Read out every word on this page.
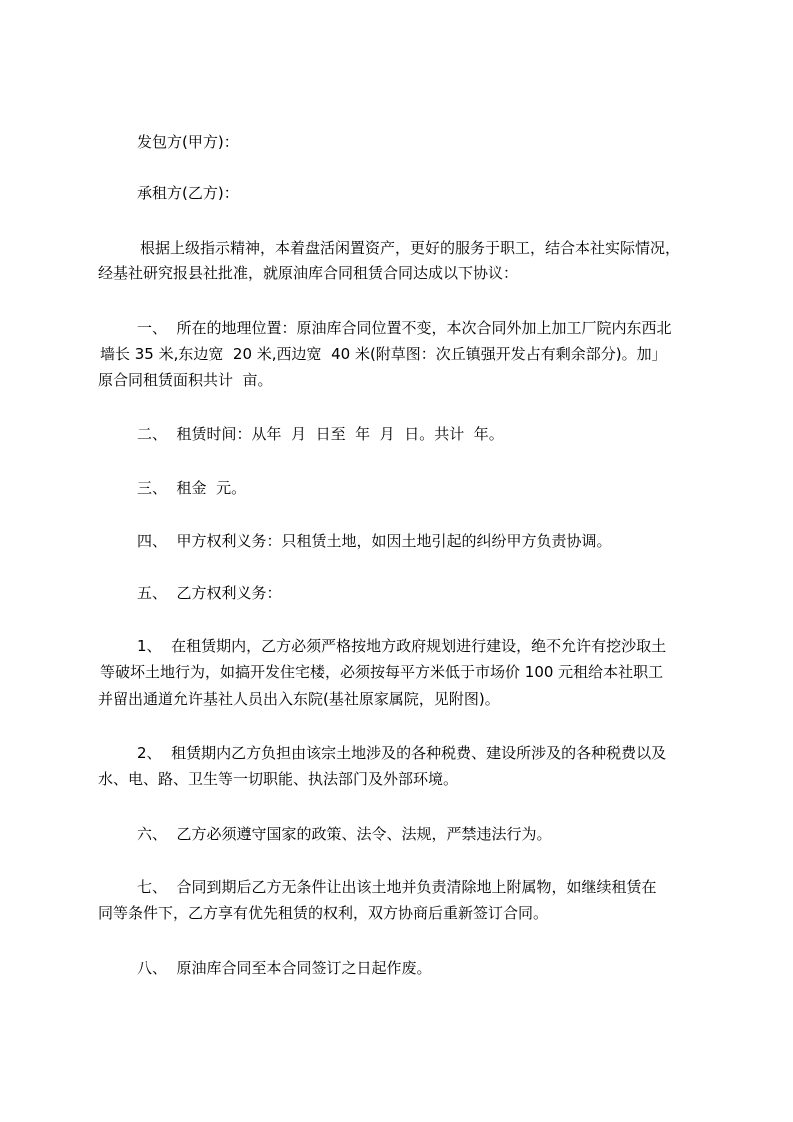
发包方(甲方)：
承租方(乙方)：
根据上级指示精神，本着盘活闲置资产，更好的服务于职工，结合本社实际情况，
经基社研究报县社批准，就原油库合同租赁合同达成以下协议：
一、  所在的地理位置：原油库合同位置不变，本次合同外加上加工厂院内东西北
墙长 35 米,东边宽  20 米,西边宽  40 米(附草图：次丘镇强开发占有剩余部分)。加」
原合同租赁面积共计  亩。
二、  租赁时间：从年  月  日至  年  月  日。共计  年。
三、  租金  元。
四、  甲方权利义务：只租赁土地，如因土地引起的纠纷甲方负责协调。
五、  乙方权利义务：
1、  在租赁期内，乙方必须严格按地方政府规划进行建设，绝不允许有挖沙取土
等破坏土地行为，如搞开发住宅楼，必须按每平方米低于市场价 100 元租给本社职工
并留出通道允许基社人员出入东院(基社原家属院，见附图)。
2、  租赁期内乙方负担由该宗土地涉及的各种税费、建设所涉及的各种税费以及
水、电、路、卫生等一切职能、执法部门及外部环境。
六、  乙方必须遵守国家的政策、法令、法规，严禁违法行为。
七、  合同到期后乙方无条件让出该土地并负责清除地上附属物，如继续租赁在
同等条件下，乙方享有优先租赁的权利，双方协商后重新签订合同。
八、  原油库合同至本合同签订之日起作废。
